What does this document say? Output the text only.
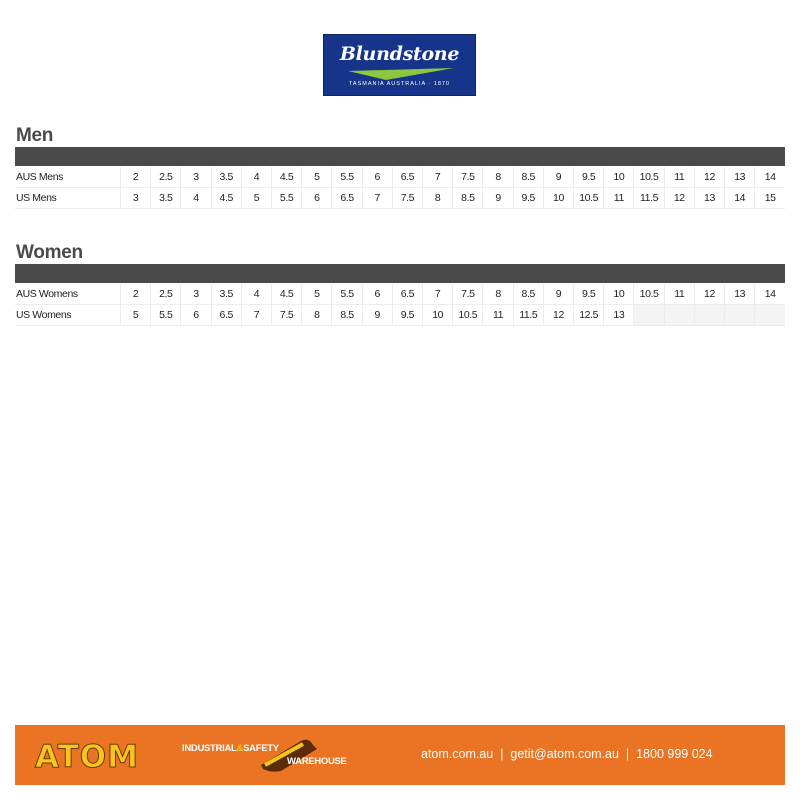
Blundstone
TASMANIA AUSTRALIA · 1870
Men
AUS Mens	2	2.5	3	3.5	4	4.5	5	5.5	6	6.5	7	7.5	8	8.5	9	9.5	10	10.5	11	12	13	14
US Mens	3	3.5	4	4.5	5	5.5	6	6.5	7	7.5	8	8.5	9	9.5	10	10.5	11	11.5	12	13	14	15
Women
AUS Womens	2	2.5	3	3.5	4	4.5	5	5.5	6	6.5	7	7.5	8	8.5	9	9.5	10	10.5	11	12	13	14
US Womens	5	5.5	6	6.5	7	7.5	8	8.5	9	9.5	10	10.5	11	11.5	12	12.5	13					
ATOM	INDUSTRIAL&SAFETY
WAREHOUSE
atom.com.au  |  getit@atom.com.au  |  1800 999 024
